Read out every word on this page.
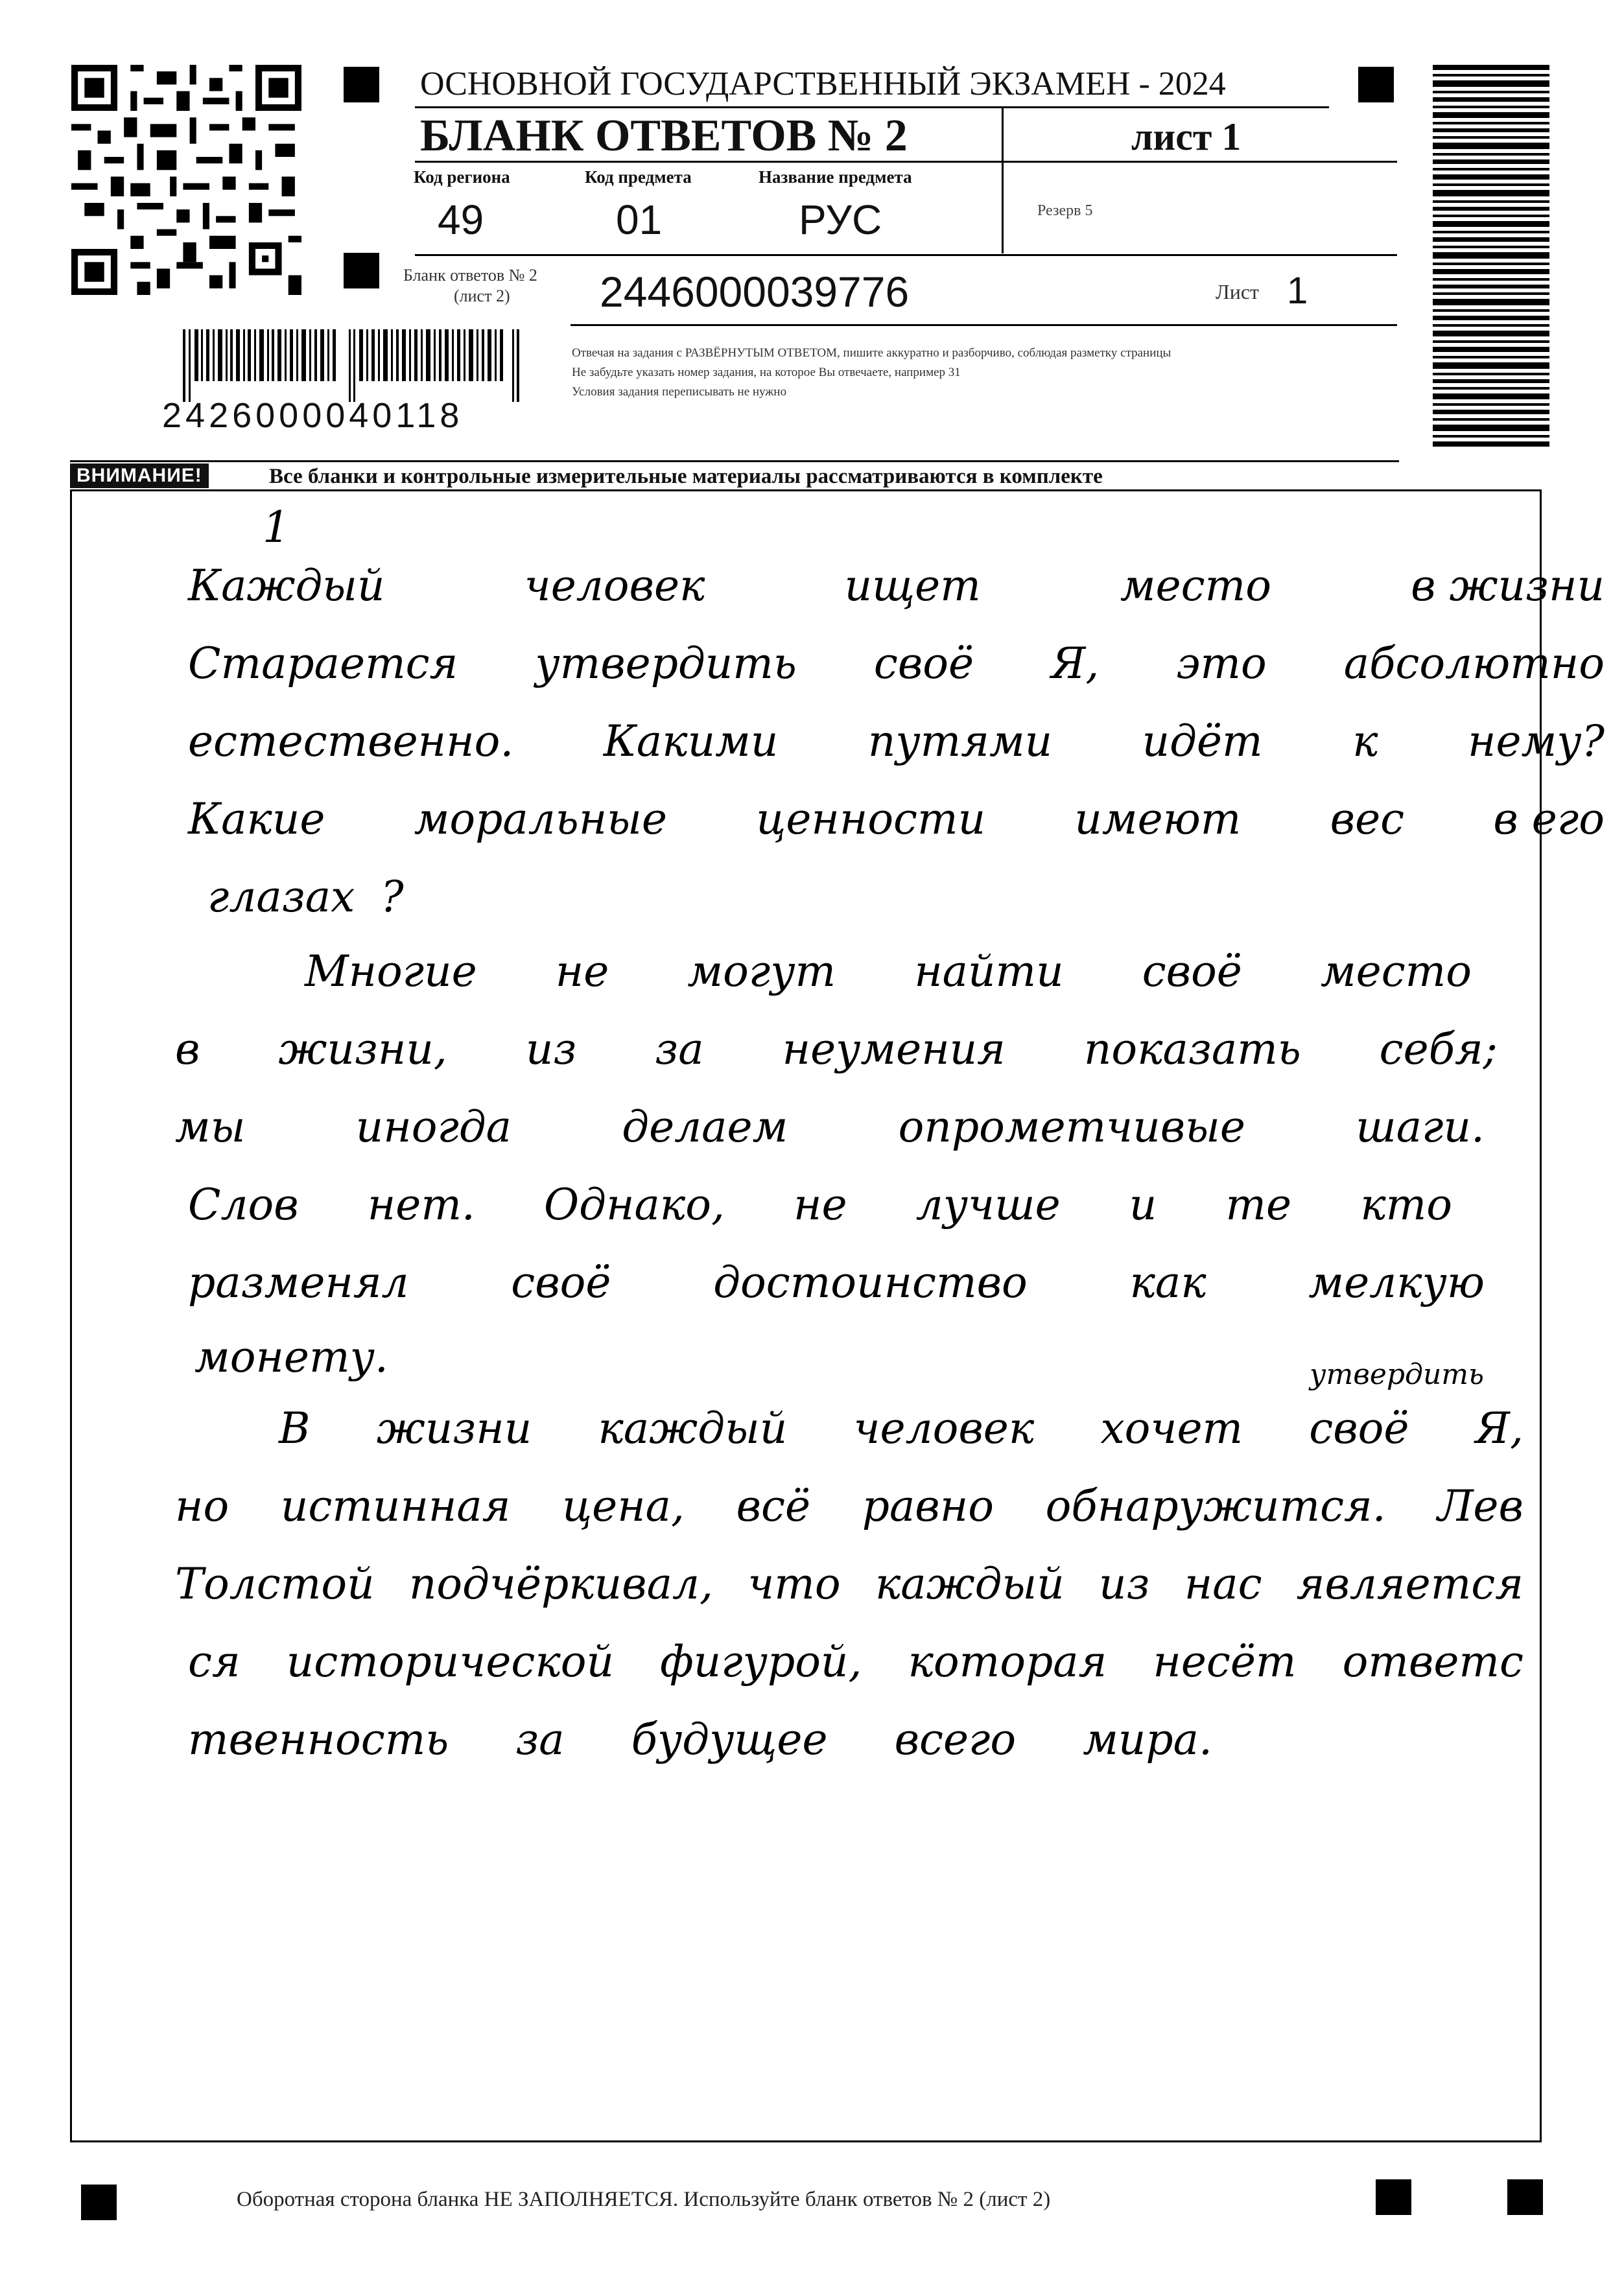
ОСНОВНОЙ ГОСУДАРСТВЕННЫЙ ЭКЗАМЕН - 2024
БЛАНК ОТВЕТОВ № 2	лист 1
Код региона
49
Код предмета
01
Название предмета
РУС	Резерв 5
Бланк ответов № 2
(лист 2) 2446000039776	Лист 1
2426000040118
Отвечая на задания с РАЗВЁРНУТЫМ ОТВЕТОМ, пишите аккуратно и разборчиво, соблюдая разметку страницы
Не забудьте указать номер задания, на которое Вы отвечаете, например 31
Условия задания переписывать не нужно
ВНИМАНИЕ!	Все бланки и контрольные измерительные материалы рассматриваются в комплекте
1
Каждый	человек	ищет	место	в жизни
Старается утвердить своё Я, это абсолютно
естественно. Какими путями идёт к нему?
Какие моральные ценности имеют вес в его
глазах ?
Многие не могут найти своё место
в жизни, из за неумения показать себя;
мы	иногда	делаем	опрометчивые	шаги.
Слов нет. Однако, не лучше и те кто
разменял своё достоинство как мелкую
монету.	утвердить
В жизни каждый человек хочет своё Я,
но истинная цена, всё равно обнаружится. Лев
Толстой подчёркивал, что каждый из нас является
ся исторической фигурой, которая несёт ответс
твенность за будущее всего мира.
Оборотная сторона бланка НЕ ЗАПОЛНЯЕТСЯ. Используйте бланк ответов № 2 (лист 2)
